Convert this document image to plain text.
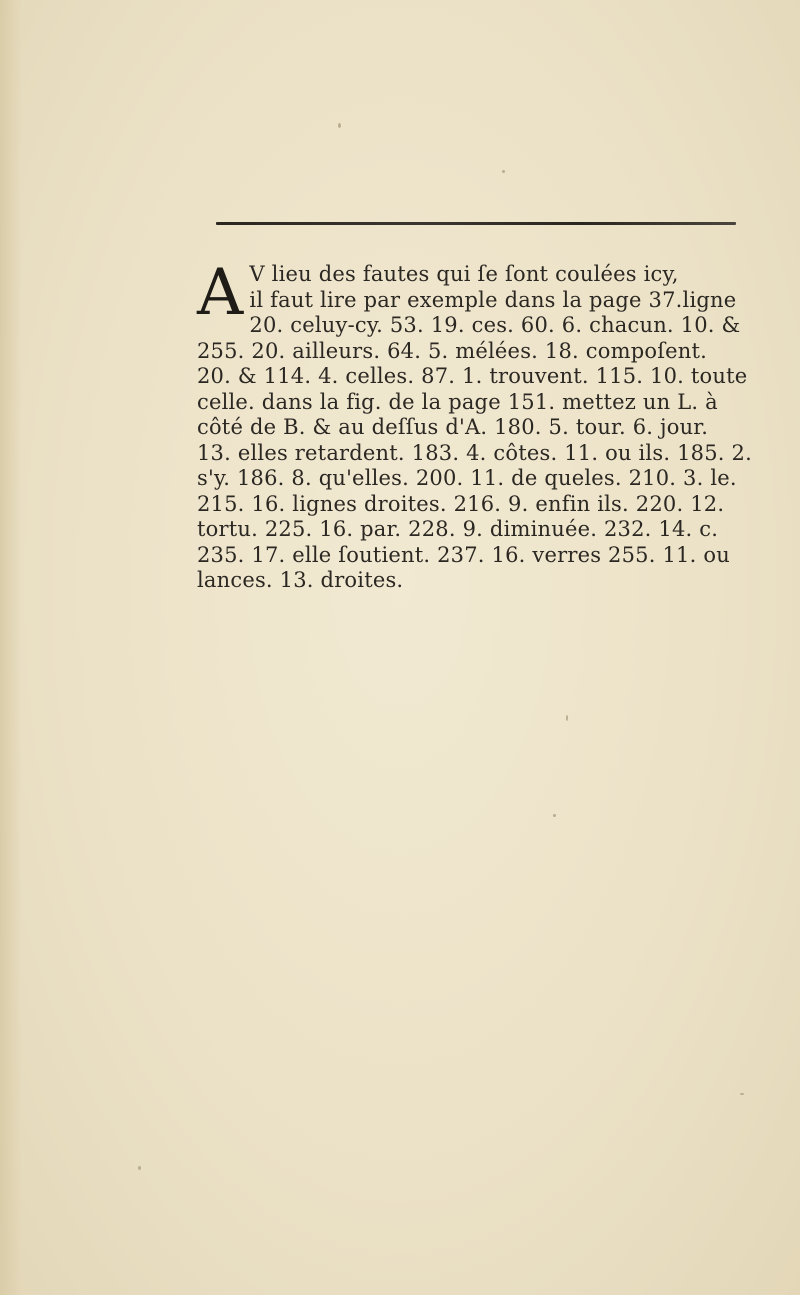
A V lieu des fautes qui ſe ſont coulées icy,
il faut lire par exemple dans la page 37.ligne
20. celuy-cy. 53. 19. ces. 60. 6. chacun. 10. &
255. 20. ailleurs. 64. 5. mélées. 18. compoſent.
20. & 114. 4. celles. 87. 1. trouvent. 115. 10. toute
celle. dans la fig. de la page 151. mettez un L. à
côté de B. & au deſſus d'A. 180. 5. tour. 6. jour.
13. elles retardent. 183. 4. côtes. 11. ou ils. 185. 2.
s'y. 186. 8. qu'elles. 200. 11. de queles. 210. 3. le.
215. 16. lignes droites. 216. 9. enfin ils. 220. 12.
tortu. 225. 16. par. 228. 9. diminuée. 232. 14. c.
235. 17. elle ſoutient. 237. 16. verres 255. 11. ou
lances. 13. droites.
